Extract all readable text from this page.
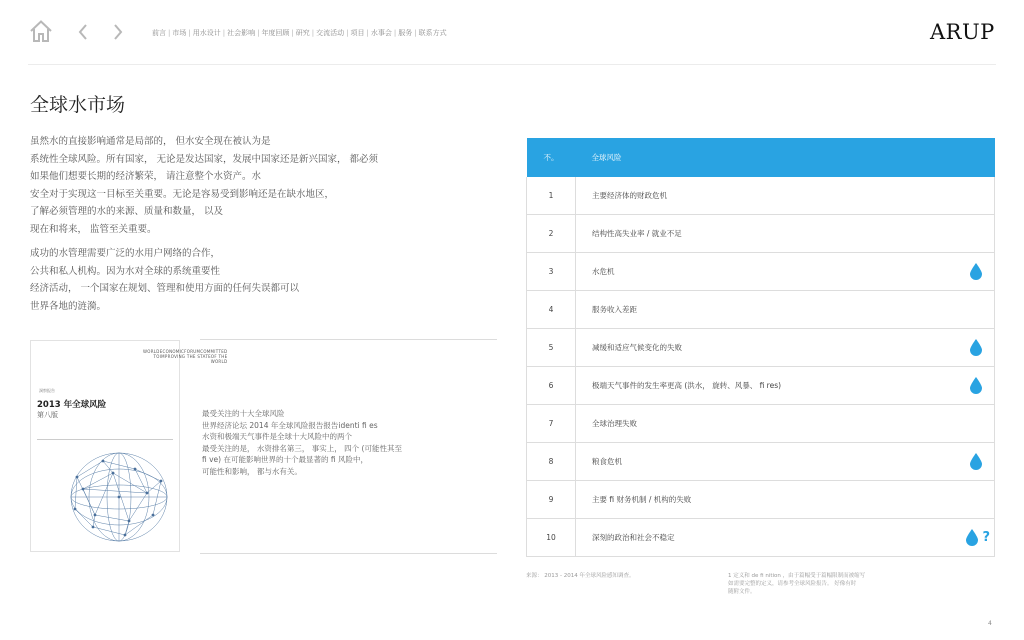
前言 | 市场 | 用水设计 | 社会影响 | 年度回顾 | 研究 | 交流活动 | 项目 | 水事会 | 服务 | 联系方式	ARUP
全球水市场

虽然水的直接影响通常是局部的， 但水安全现在被认为是
系统性全球风险。所有国家， 无论是发达国家，发展中国家还是新兴国家， 都必须
如果他们想要长期的经济繁荣， 请注意整个水资产。水
安全对于实现这一目标至关重要。无论是容易受到影响还是在缺水地区，
了解必须管理的水的来源、质量和数量， 以及
现在和将来， 监管至关重要。

成功的水管理需要广泛的水用户网络的合作，
公共和私人机构。因为水对全球的系统重要性
经济活动， 一个国家在规划、管理和使用方面的任何失误都可以
世界各地的涟漪。

WORLDECONOMICFORUMCOMMITTED TOIMPROVING THE STATEOF THE WORLD
洞察报告
2013 年全球风险
第八版	最受关注的十大全球风险
世界经济论坛 2014 年全球风险报告报告identi fi es
水资和极端天气事件是全球十大风险中的两个
最受关注的是， 水资排名第三， 事实上， 四个 (可能性其至
fi ve) 在可能影响世界的十个最显著的 fi 风险中，
可能性和影响， 都与水有关。

不。	全球风险
1	主要经济体的财政危机
2	结构性高失业率 / 就业不足
3	水危机

4	服务收入差距
5	减缓和适应气候变化的失败

6	极端天气事件的发生率更高 (洪水， 旋转、风暴、 fi res)

7	全球治理失败
8	粮食危机

9	主要 fi 财务机制 / 机构的失败
10	深刻的政治和社会不稳定 ?

来源： 2013 - 2014 年全球风险感知调查。	1 定义和 de fi nition ，由于篇幅受于篇幅限制而被缩写
如需要完整的定义，请参考全球风险报告。 好像有时
随附文件。

4
